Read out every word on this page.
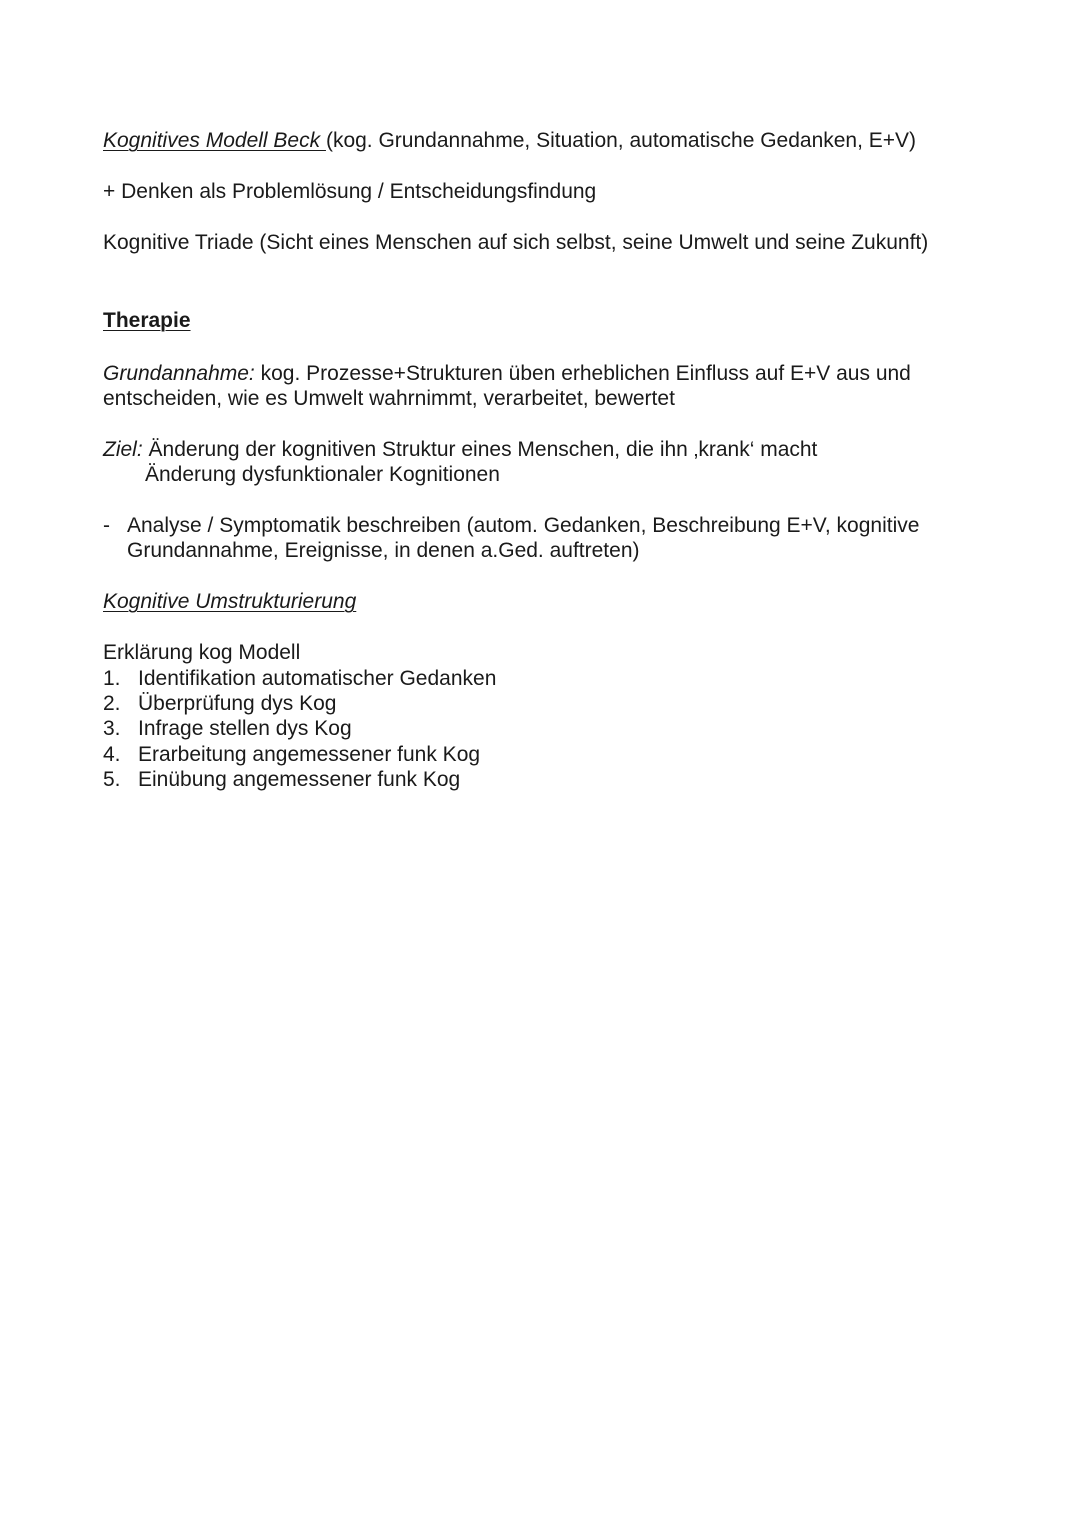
Kognitives Modell Beck (kog. Grundannahme, Situation, automatische Gedanken, E+V)
+ Denken als Problemlösung / Entscheidungsfindung
Kognitive Triade (Sicht eines Menschen auf sich selbst, seine Umwelt und seine Zukunft)
Therapie
Grundannahme: kog. Prozesse+Strukturen üben erheblichen Einfluss auf E+V aus und
entscheiden, wie es Umwelt wahrnimmt, verarbeitet, bewertet
Ziel: Änderung der kognitiven Struktur eines Menschen, die ihn ‚krank‘ macht
Änderung dysfunktionaler Kognitionen
- Analyse / Symptomatik beschreiben (autom. Gedanken, Beschreibung E+V, kognitive
Grundannahme, Ereignisse, in denen a.Ged. auftreten)
Kognitive Umstrukturierung
Erklärung kog Modell
1. Identifikation automatischer Gedanken
2. Überprüfung dys Kog
3. Infrage stellen dys Kog
4. Erarbeitung angemessener funk Kog
5. Einübung angemessener funk Kog
